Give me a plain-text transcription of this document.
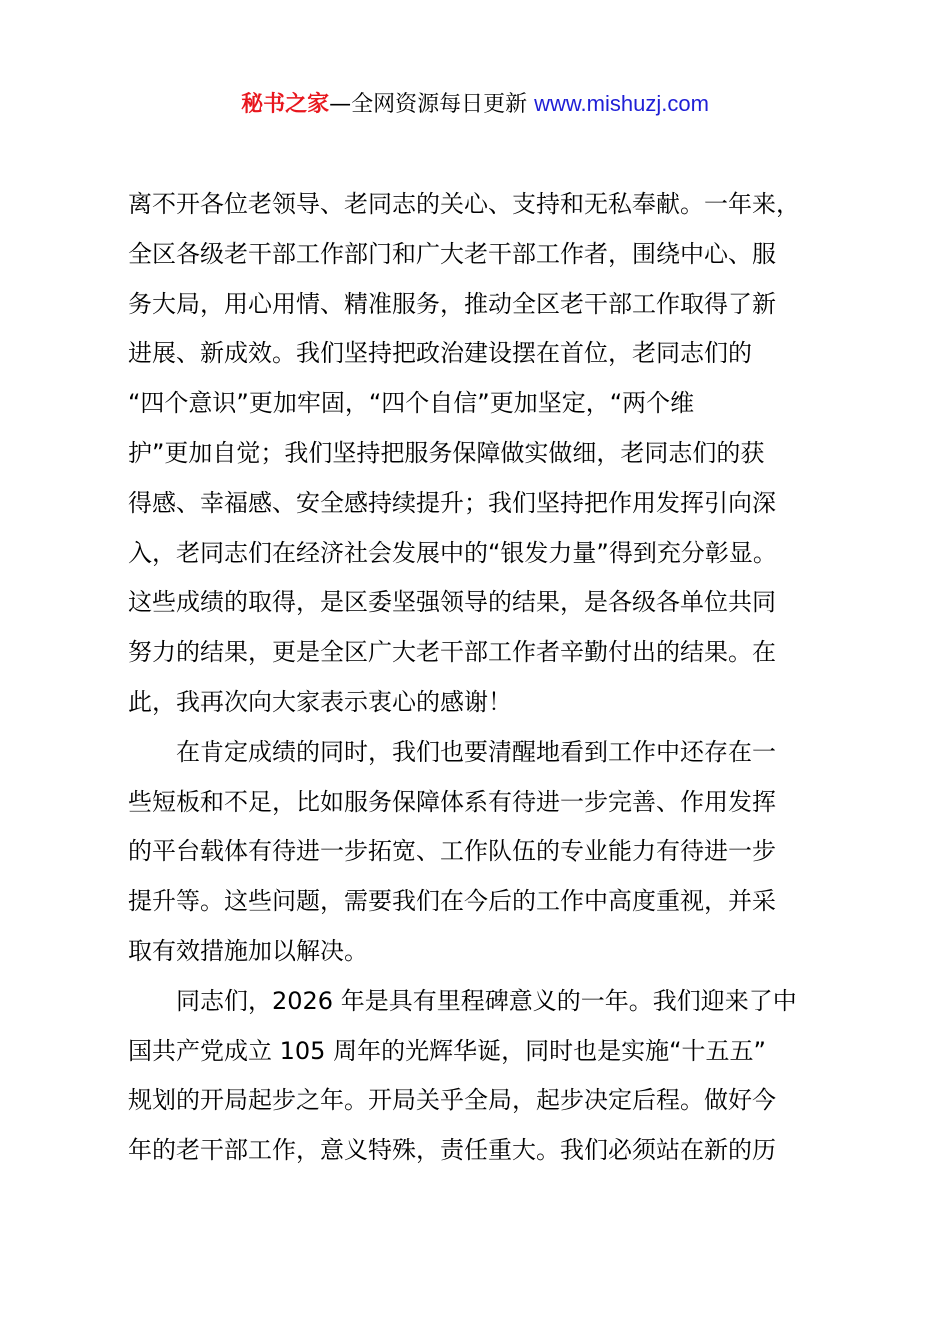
秘书之家—全网资源每日更新 www.mishuzj.com
离不开各位老领导、老同志的关心、支持和无私奉献。一年来，
全区各级老干部工作部门和广大老干部工作者，围绕中心、服
务大局，用心用情、精准服务，推动全区老干部工作取得了新
进展、新成效。我们坚持把政治建设摆在首位，老同志们的
“四个意识”更加牢固，“四个自信”更加坚定，“两个维
护”更加自觉；我们坚持把服务保障做实做细，老同志们的获
得感、幸福感、安全感持续提升；我们坚持把作用发挥引向深
入，老同志们在经济社会发展中的“银发力量”得到充分彰显。
这些成绩的取得，是区委坚强领导的结果，是各级各单位共同
努力的结果，更是全区广大老干部工作者辛勤付出的结果。在
此，我再次向大家表示衷心的感谢！
在肯定成绩的同时，我们也要清醒地看到工作中还存在一
些短板和不足，比如服务保障体系有待进一步完善、作用发挥
的平台载体有待进一步拓宽、工作队伍的专业能力有待进一步
提升等。这些问题，需要我们在今后的工作中高度重视，并采
取有效措施加以解决。
同志们，2026 年是具有里程碑意义的一年。我们迎来了中
国共产党成立 105 周年的光辉华诞，同时也是实施“十五五”
规划的开局起步之年。开局关乎全局，起步决定后程。做好今
年的老干部工作，意义特殊，责任重大。我们必须站在新的历
